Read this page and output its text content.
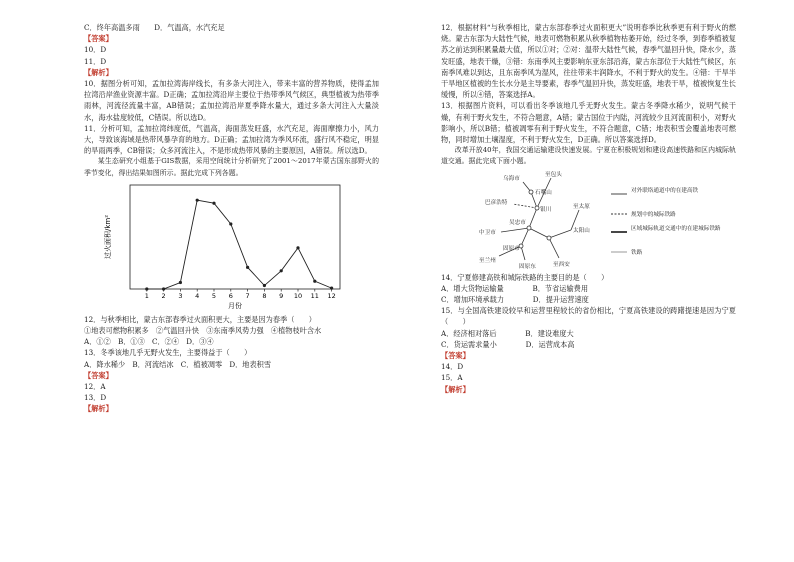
C．终年高温多雨　　D．气温高，水汽充足

【答案】

10．D

11．D

【解析】

10．据图分析可知，孟加拉湾海岸线长，有多条大河注入，带来丰富的营养物质，使得孟加拉湾沿岸渔业资源丰富。D正确；孟加拉湾沿岸主要位于热带季风气候区，典型植被为热带季雨林，河流径流量丰富，AB错误；孟加拉湾沿岸夏季降水量大，通过多条大河注入大量淡水，海水盐度较低，C错误。所以选D。

11．分析可知，孟加拉湾纬度低，气温高，海面蒸发旺盛，水汽充足，海面摩擦力小，风力大，导致该海域是热带风暴孕育的地方。D正确；孟加拉湾为季风环流，盛行风不稳定，明显的旱雨两季，CB错误；众多河流注入，不是形成热带风暴的主要原因，A错误。所以选D。

某生态研究小组基于GIS数据，采用空间统计分析研究了2001～2017年蒙古国东部野火的季节变化，得出结果如图所示。据此完成下列各题。

过火面积/km²
月份
1 2 3 4 5 6 7 8 9 10 11 12

12．与秋季相比，蒙古东部春季过火面积更大，主要是因为春季（　　）

①地表可燃物积累多　②气温回升快　③东南季风势力强　④植物枝叶含水

A．①②　B．①③　C．②④　D．③④

13．冬季该地几乎无野火发生，主要得益于（　　）

A．降水稀少　B．河流结冰　C．植被凋零　D．地表积雪

【答案】

12．A

13．D

【解析】

12．根据材料“与秋季相比，蒙古东部春季过火面积更大”说明春季比秋季更有利于野火的燃烧。蒙古东部为大陆性气候，地表可燃物积累从秋季植物枯萎开始，经过冬季，到春季植被复苏之前达到积累量最大值，所以①对；②对：温带大陆性气候，春季气温回升快，降水少，蒸发旺盛，地表干燥，③错：东南季风主要影响东亚东部沿海，蒙古东部位于大陆性气候区，东南季风难以到达，且东南季风为湿风，往往带来丰润降水，不利于野火的发生。④错：干旱半干旱地区植被的生长水分是主导要素，春季气温回升快，蒸发旺盛，地表干旱，植被恢复生长缓慢，所以④错，答案选择A。

13．根据图片资料，可以看出冬季该地几乎无野火发生。蒙古冬季降水稀少，说明气候干燥，有利于野火发生，不符合题意，A错；蒙古国位于内陆，河流较少且河流面积小，对野火影响小，所以B错；植被凋零有利于野火发生，不符合题意，C错；地表积雪会覆盖地表可燃物，同时增加土壤湿度，不利于野火发生，D正确。所以答案选择D。

改革开放40年，我国交通运输建设快速发展。宁夏在积极规划和建设高速铁路和区内城际轨道交通。据此完成下面小题。

乌海市
至包头
石嘴山
巴彦浩特
银川
吴忠市
中卫市	太阳山
至太原
固原市
至兰州
至西安
固原东
对外联络通道中的在建高铁
规划中的城际铁路
区域城际轨道交通中的在建城际铁路
铁路

14．宁夏修建高铁和城际铁路的主要目的是（　　）

A．增大货物运输量　　　　B．节省运输费用

C．增加环境承载力　　　　D．提升运营速度

15．与全国高铁建设较早和运营里程较长的省份相比，宁夏高铁建设的踌躇提速是因为宁夏（　　）

A．经济相对落后　　　　B．建设难度大

C．货运需求量小　　　　D．运营成本高

【答案】

14．D

15．A

【解析】
